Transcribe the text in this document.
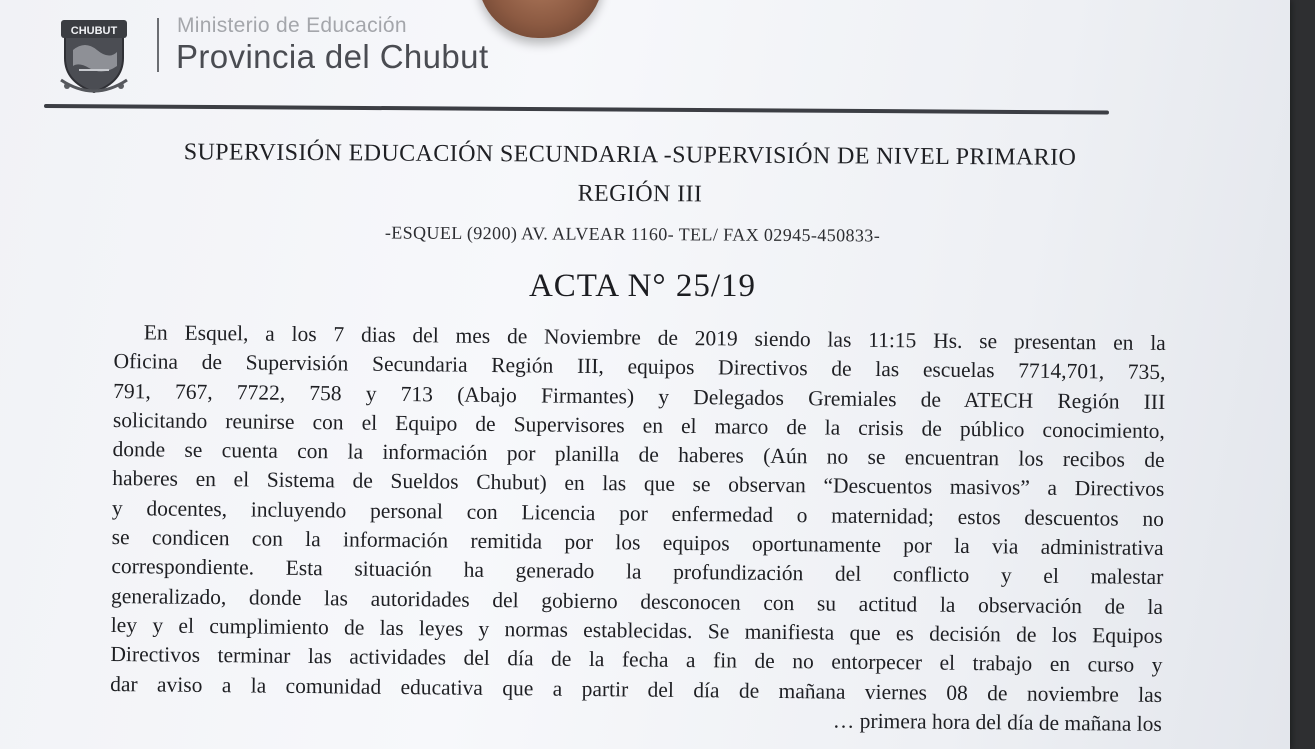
CHUBUT	Ministerio de Educación
Provincia del Chubut
SUPERVISIÓN EDUCACIÓN SECUNDARIA -SUPERVISIÓN DE NIVEL PRIMARIO
REGIÓN III
-ESQUEL (9200) AV. ALVEAR 1160- TEL/ FAX 02945-450833-
ACTA N° 25/19
En Esquel, a los 7 dias del mes de Noviembre de 2019 siendo las 11:15 Hs. se presentan en la
Oficina de Supervisión Secundaria Región III, equipos Directivos de las escuelas 7714,701, 735,
791, 767, 7722, 758 y 713 (Abajo Firmantes) y Delegados Gremiales de ATECH Región III
solicitando reunirse con el Equipo de Supervisores en el marco de la crisis de público conocimiento,
donde se cuenta con la información por planilla de haberes (Aún no se encuentran los recibos de
haberes en el Sistema de Sueldos Chubut) en las que se observan “Descuentos masivos” a Directivos
y docentes, incluyendo personal con Licencia por enfermedad o maternidad; estos descuentos no
se condicen con la información remitida por los equipos oportunamente por la via administrativa
correspondiente. Esta situación ha generado la profundización del conflicto y el malestar
generalizado, donde las autoridades del gobierno desconocen con su actitud la observación de la
ley y el cumplimiento de las leyes y normas establecidas. Se manifiesta que es decisión de los Equipos
Directivos terminar las actividades del día de la fecha a fin de no entorpecer el trabajo en curso y
dar aviso a la comunidad educativa que a partir del día de mañana viernes 08 de noviembre las
… primera hora del día de mañana los
